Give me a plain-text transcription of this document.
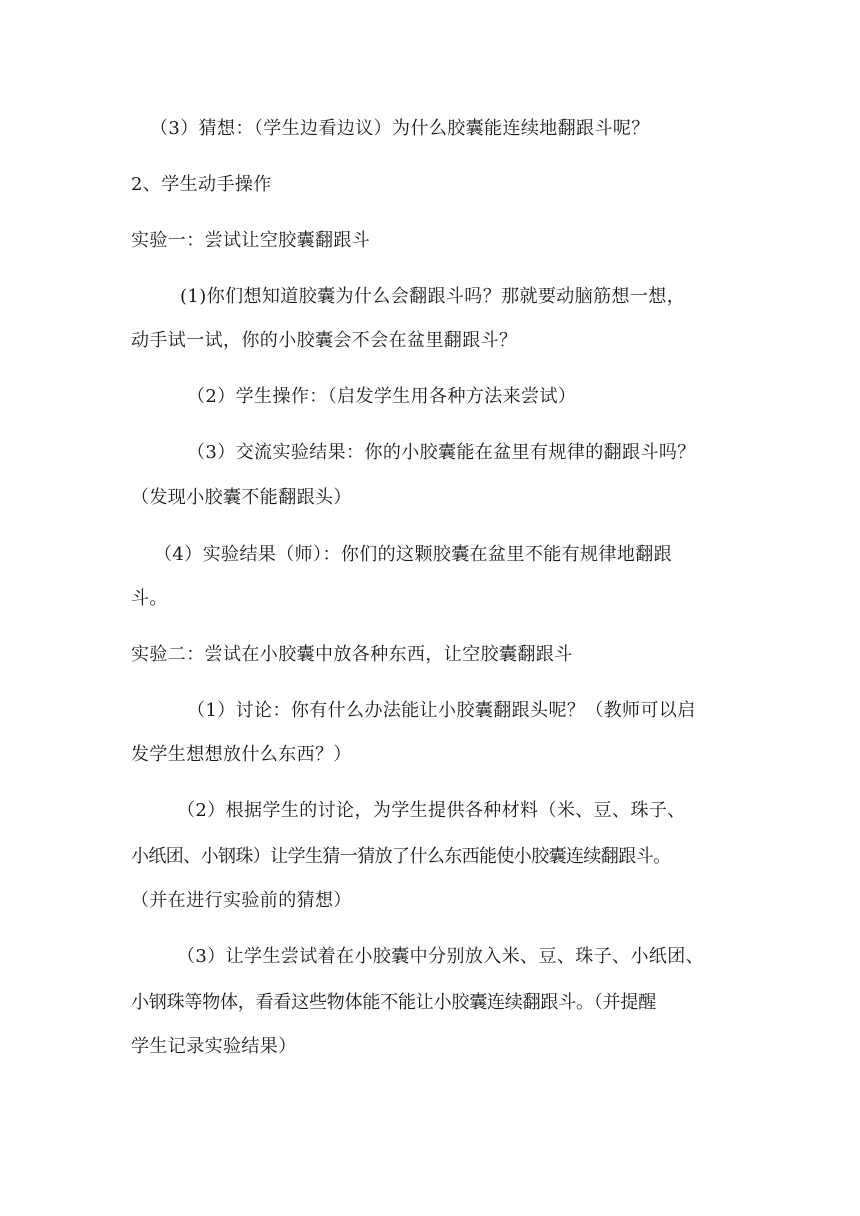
（3）猜想：（学生边看边议）为什么胶囊能连续地翻跟斗呢？
2、学生动手操作
实验一：尝试让空胶囊翻跟斗
(1)你们想知道胶囊为什么会翻跟斗吗？那就要动脑筋想一想，
动手试一试，你的小胶囊会不会在盆里翻跟斗？
（2）学生操作：（启发学生用各种方法来尝试）
（3）交流实验结果：你的小胶囊能在盆里有规律的翻跟斗吗？
（发现小胶囊不能翻跟头）
（4）实验结果（师）：你们的这颗胶囊在盆里不能有规律地翻跟
斗。
实验二：尝试在小胶囊中放各种东西，让空胶囊翻跟斗
（1）讨论：你有什么办法能让小胶囊翻跟头呢？（教师可以启
发学生想想放什么东西？）
（2）根据学生的讨论，为学生提供各种材料（米、豆、珠子、
小纸团、小钢珠）让学生猜一猜放了什么东西能使小胶囊连续翻跟斗。
（并在进行实验前的猜想）
（3）让学生尝试着在小胶囊中分别放入米、豆、珠子、小纸团、
小钢珠等物体，看看这些物体能不能让小胶囊连续翻跟斗。（并提醒
学生记录实验结果）
